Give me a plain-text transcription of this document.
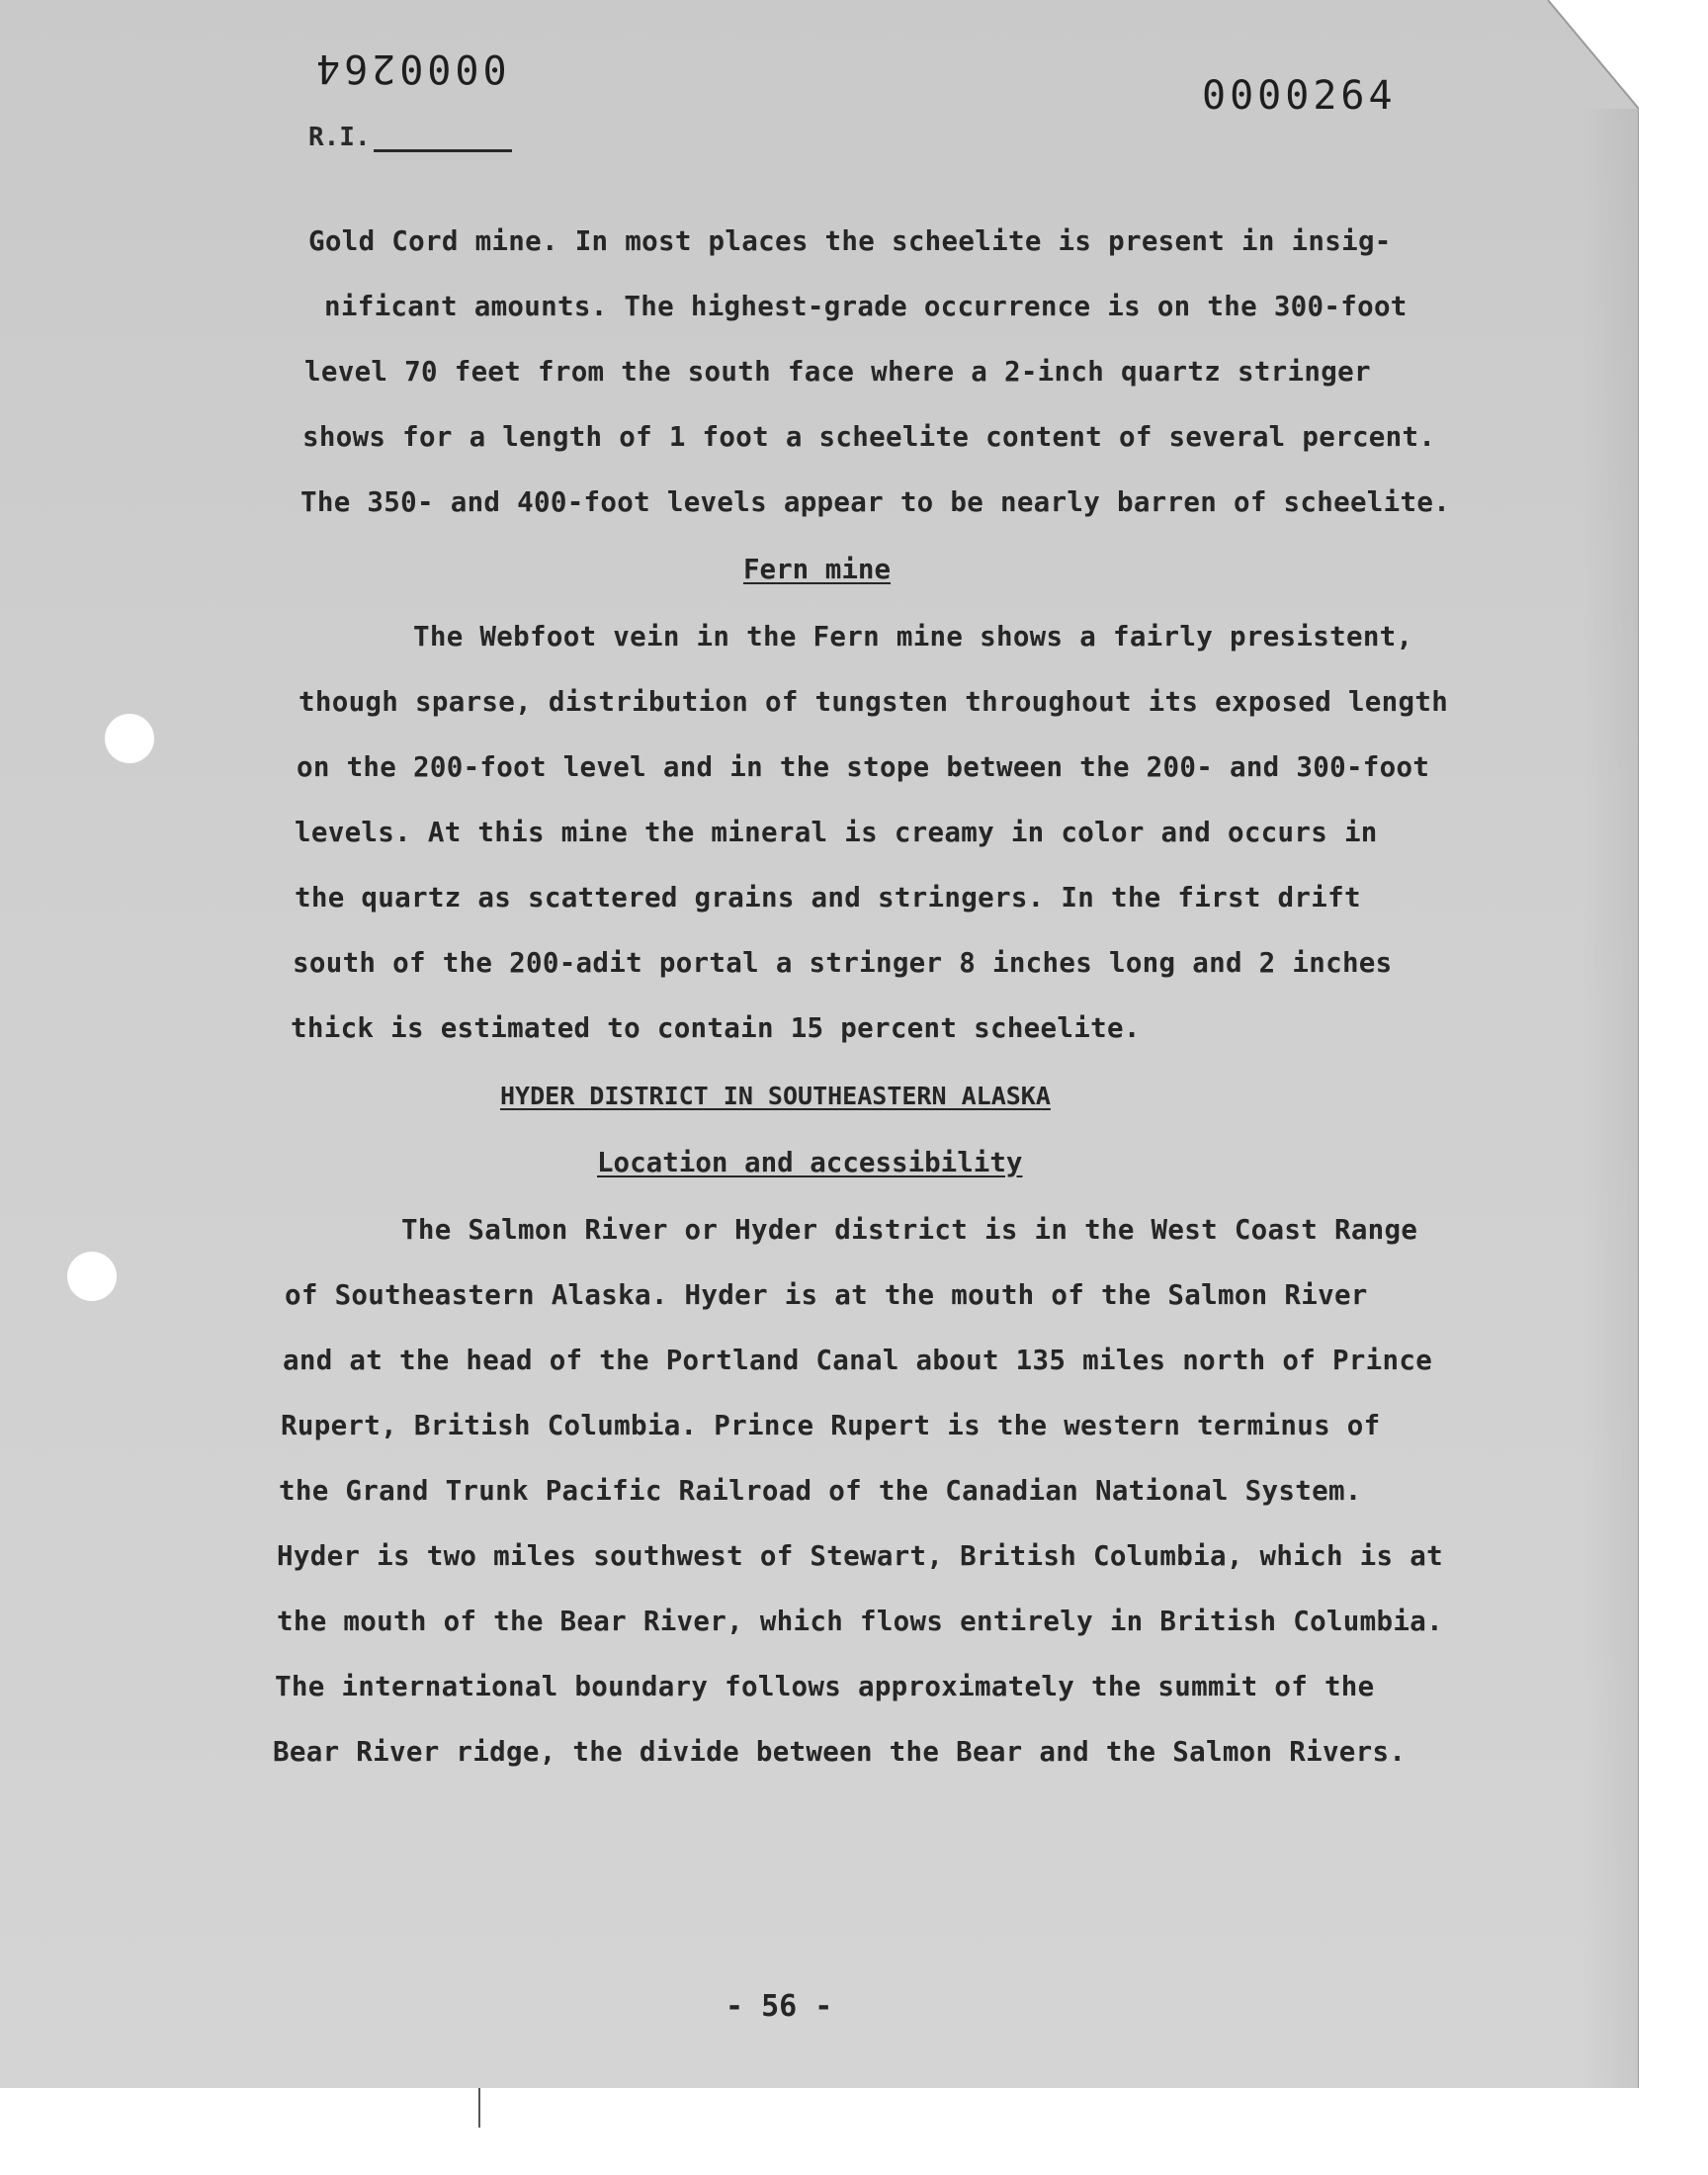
0000264
0000264
R.I.
Gold Cord mine. In most places the scheelite is present in insig-
nificant amounts. The highest-grade occurrence is on the 300-foot
level 70 feet from the south face where a 2-inch quartz stringer
shows for a length of 1 foot a scheelite content of several percent.
The 350- and 400-foot levels appear to be nearly barren of scheelite.
Fern mine
The Webfoot vein in the Fern mine shows a fairly presistent,
though sparse, distribution of tungsten throughout its exposed length
on the 200-foot level and in the stope between the 200- and 300-foot
levels. At this mine the mineral is creamy in color and occurs in
the quartz as scattered grains and stringers. In the first drift
south of the 200-adit portal a stringer 8 inches long and 2 inches
thick is estimated to contain 15 percent scheelite.
HYDER DISTRICT IN SOUTHEASTERN ALASKA
Location and accessibility
The Salmon River or Hyder district is in the West Coast Range
of Southeastern Alaska. Hyder is at the mouth of the Salmon River
and at the head of the Portland Canal about 135 miles north of Prince
Rupert, British Columbia. Prince Rupert is the western terminus of
the Grand Trunk Pacific Railroad of the Canadian National System.
Hyder is two miles southwest of Stewart, British Columbia, which is at
the mouth of the Bear River, which flows entirely in British Columbia.
The international boundary follows approximately the summit of the
Bear River ridge, the divide between the Bear and the Salmon Rivers.
- 56 -
